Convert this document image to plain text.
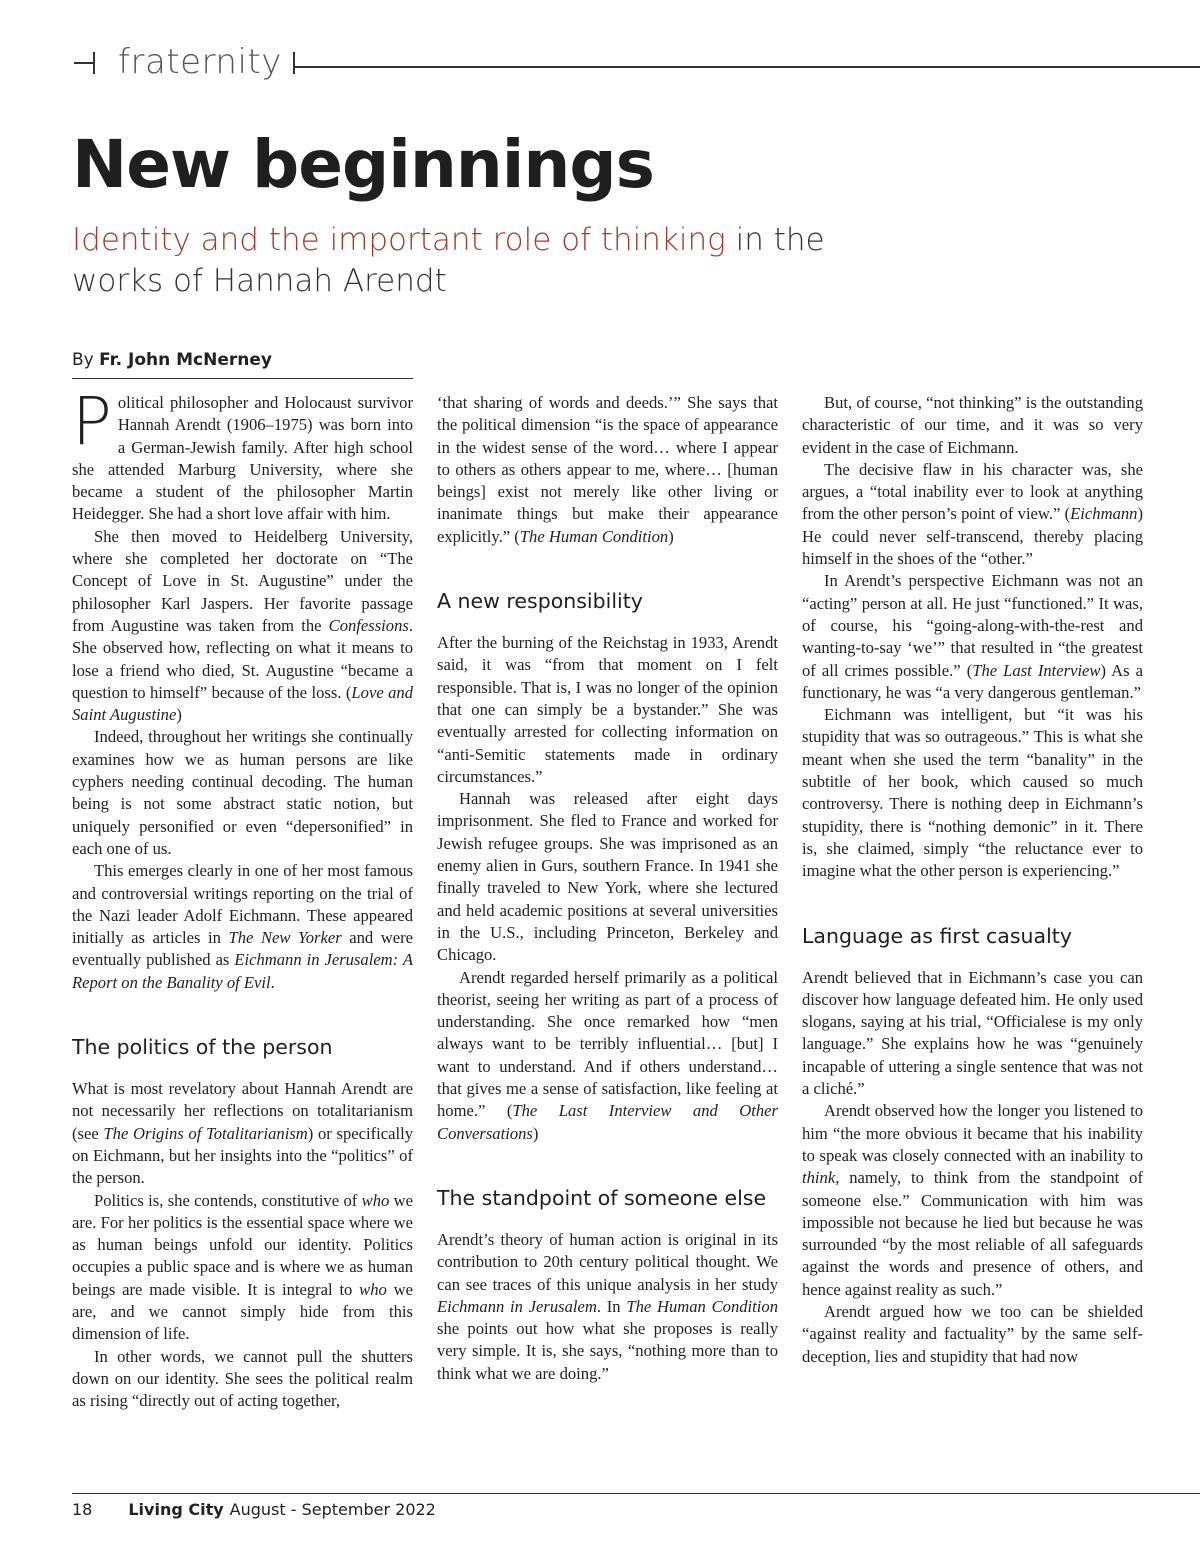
fraternity
New beginnings

Identity and the important role of thinking in the works of Hannah Arendt

By Fr. John McNerney

Political philosopher and Holocaust survivor Hannah Arendt (1906–1975) was born into a German-Jewish family. After high school she attended Marburg University, where she became a student of the philosopher Martin Heidegger. She had a short love affair with him.

She then moved to Heidelberg University, where she completed her doctorate on “The Concept of Love in St. Augustine” under the philosopher Karl Jaspers. Her favorite passage from Augustine was taken from the Confessions. She observed how, reflecting on what it means to lose a friend who died, St. Augustine “became a question to himself” because of the loss. (Love and Saint Augustine)

Indeed, throughout her writings she continually examines how we as human persons are like cyphers needing continual decoding. The human being is not some abstract static notion, but uniquely personified or even “depersonified” in each one of us.

This emerges clearly in one of her most famous and controversial writings reporting on the trial of the Nazi leader Adolf Eichmann. These appeared initially as articles in The New Yorker and were eventually published as Eichmann in Jerusalem: A Report on the Banality of Evil.

The politics of the person

What is most revelatory about Hannah Arendt are not necessarily her reflections on totalitarianism (see The Origins of Totalitarianism) or specifically on Eichmann, but her insights into the “politics” of the person.

Politics is, she contends, constitutive of who we are. For her politics is the essential space where we as human beings unfold our identity. Politics occupies a public space and is where we as human beings are made visible. It is integral to who we are, and we cannot simply hide from this dimension of life.

In other words, we cannot pull the shutters down on our identity. She sees the political realm as rising “directly out of acting together,

‘that sharing of words and deeds.’” She says that the political dimension “is the space of appearance in the widest sense of the word… where I appear to others as others appear to me, where… [human beings] exist not merely like other living or inanimate things but make their appearance explicitly.” (The Human Condition)

A new responsibility

After the burning of the Reichstag in 1933, Arendt said, it was “from that moment on I felt responsible. That is, I was no longer of the opinion that one can simply be a bystander.” She was eventually arrested for collecting information on “anti-Semitic statements made in ordinary circumstances.”

Hannah was released after eight days imprisonment. She fled to France and worked for Jewish refugee groups. She was imprisoned as an enemy alien in Gurs, southern France. In 1941 she finally traveled to New York, where she lectured and held academic positions at several universities in the U.S., including Princeton, Berkeley and Chicago.

Arendt regarded herself primarily as a political theorist, seeing her writing as part of a process of understanding. She once remarked how “men always want to be terribly influential… [but] I want to understand. And if others understand… that gives me a sense of satisfaction, like feeling at home.” (The Last Interview and Other Conversations)

The standpoint of someone else

Arendt’s theory of human action is original in its contribution to 20th century political thought. We can see traces of this unique analysis in her study Eichmann in Jerusalem. In The Human Condition she points out how what she proposes is really very simple. It is, she says, “nothing more than to think what we are doing.”

But, of course, “not thinking” is the outstanding characteristic of our time, and it was so very evident in the case of Eichmann.

The decisive flaw in his character was, she argues, a “total inability ever to look at anything from the other person’s point of view.” (Eichmann) He could never self-transcend, thereby placing himself in the shoes of the “other.”

In Arendt’s perspective Eichmann was not an “acting” person at all. He just “functioned.” It was, of course, his “going-along-with-the-rest and wanting-to-say ‘we’” that resulted in “the greatest of all crimes possible.” (The Last Interview) As a functionary, he was “a very dangerous gentleman.”

Eichmann was intelligent, but “it was his stupidity that was so outrageous.” This is what she meant when she used the term “banality” in the subtitle of her book, which caused so much controversy. There is nothing deep in Eichmann’s stupidity, there is “nothing demonic” in it. There is, she claimed, simply “the reluctance ever to imagine what the other person is experiencing.”

Language as first casualty

Arendt believed that in Eichmann’s case you can discover how language defeated him. He only used slogans, saying at his trial, “Officialese is my only language.” She explains how he was “genuinely incapable of uttering a single sentence that was not a cliché.”

Arendt observed how the longer you listened to him “the more obvious it became that his inability to speak was closely connected with an inability to think, namely, to think from the standpoint of someone else.” Communication with him was impossible not because he lied but because he was surrounded “by the most reliable of all safeguards against the words and presence of others, and hence against reality as such.”

Arendt argued how we too can be shielded “against reality and factuality” by the same self-deception, lies and stupidity that had now

18 Living City August - September 2022
